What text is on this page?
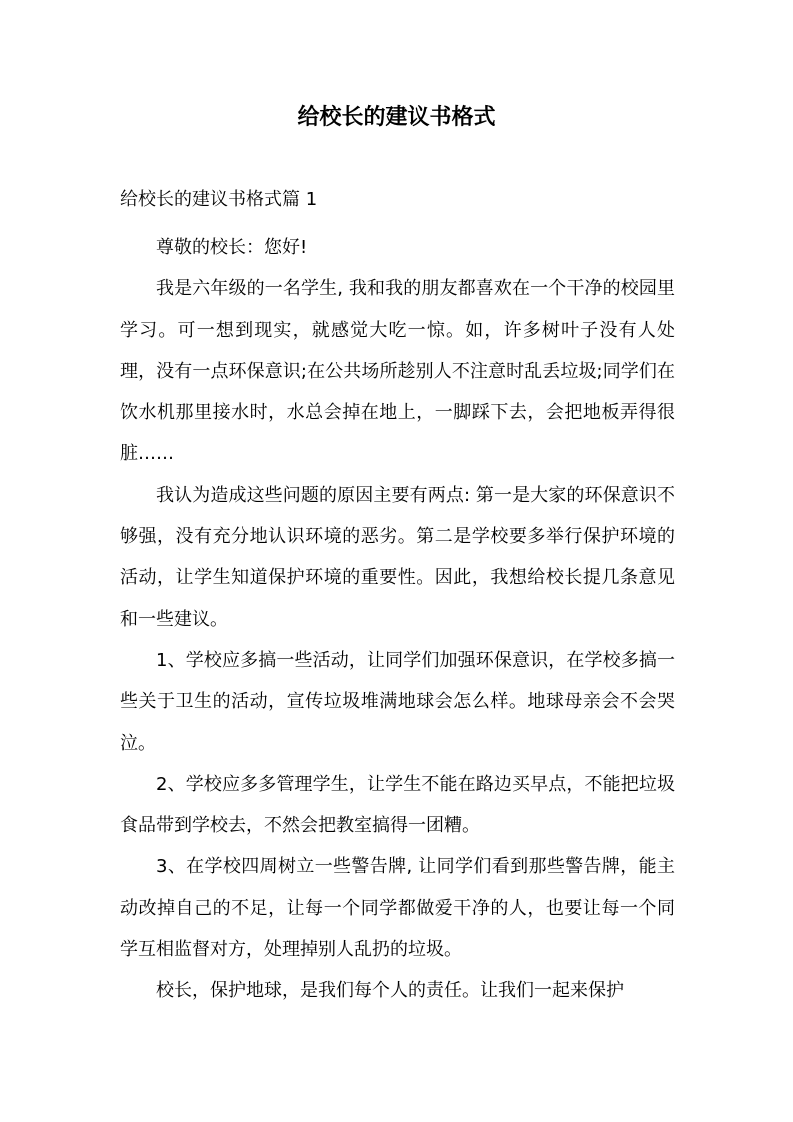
给校长的建议书格式
给校长的建议书格式篇 1

尊敬的校长：您好!

我是六年级的一名学生, 我和我的朋友都喜欢在一个干净的校园里学习。可一想到现实，就感觉大吃一惊。如，许多树叶子没有人处理，没有一点环保意识;在公共场所趁别人不注意时乱丢垃圾;同学们在饮水机那里接水时，水总会掉在地上，一脚踩下去，会把地板弄得很脏……

我认为造成这些问题的原因主要有两点: 第一是大家的环保意识不够强，没有充分地认识环境的恶劣。第二是学校要多举行保护环境的活动，让学生知道保护环境的重要性。因此，我想给校长提几条意见和一些建议。

1、学校应多搞一些活动，让同学们加强环保意识，在学校多搞一些关于卫生的活动，宣传垃圾堆满地球会怎么样。地球母亲会不会哭泣。

2、学校应多多管理学生，让学生不能在路边买早点，不能把垃圾食品带到学校去，不然会把教室搞得一团糟。

3、在学校四周树立一些警告牌, 让同学们看到那些警告牌，能主动改掉自己的不足，让每一个同学都做爱干净的人，也要让每一个同学互相监督对方，处理掉别人乱扔的垃圾。

校长，保护地球，是我们每个人的责任。让我们一起来保护
